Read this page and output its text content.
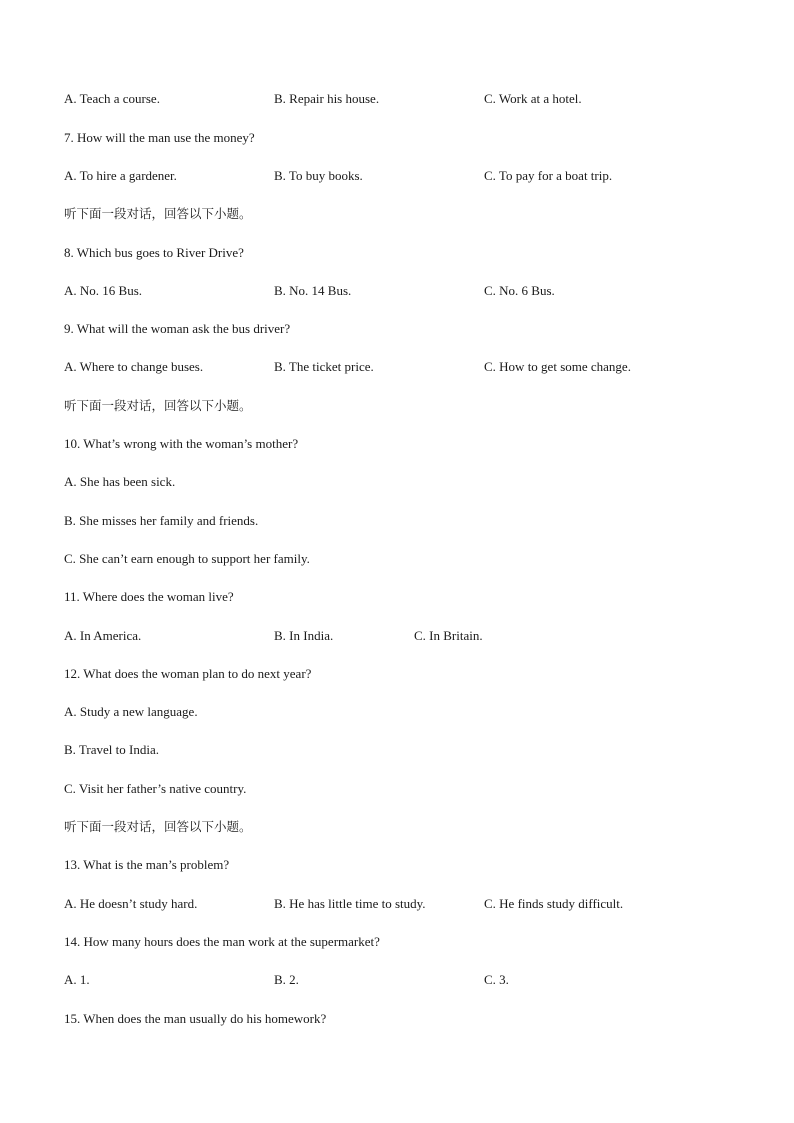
A. Teach a course.	B. Repair his house.	C. Work at a hotel.
7. How will the man use the money?
A. To hire a gardener.	B. To buy books.	C. To pay for a boat trip.
听下面一段对话，回答以下小题。
8. Which bus goes to River Drive?
A. No. 16 Bus.	B. No. 14 Bus.	C. No. 6 Bus.
9. What will the woman ask the bus driver?
A. Where to change buses.	B. The ticket price.	C. How to get some change.
听下面一段对话，回答以下小题。
10. What’s wrong with the woman’s mother?
A. She has been sick.
B. She misses her family and friends.
C. She can’t earn enough to support her family.
11. Where does the woman live?
A. In America.	B. In India.	C. In Britain.
12. What does the woman plan to do next year?
A. Study a new language.
B. Travel to India.
C. Visit her father’s native country.
听下面一段对话，回答以下小题。
13. What is the man’s problem?
A. He doesn’t study hard.	B. He has little time to study.	C. He finds study difficult.
14. How many hours does the man work at the supermarket?
A. 1.	B. 2.	C. 3.
15. When does the man usually do his homework?
